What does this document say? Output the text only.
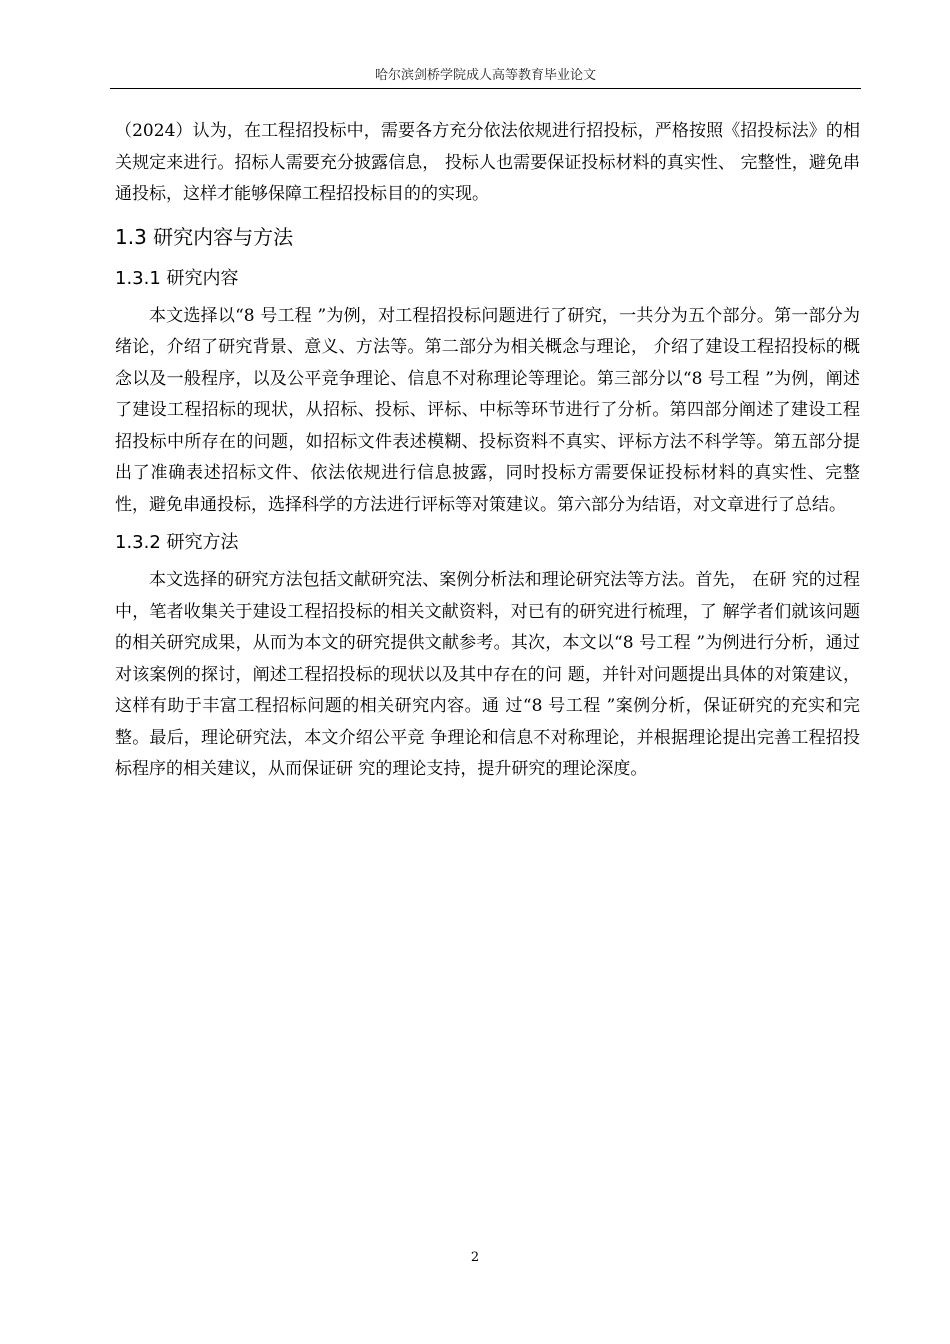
哈尔滨剑桥学院成人高等教育毕业论文

（2024）认为，在工程招投标中，需要各方充分依法依规进行招投标，严格按照《招投标法》的相关规定来进行。招标人需要充分披露信息， 投标人也需要保证投标材料的真实性、 完整性，避免串通投标，这样才能够保障工程招投标目的的实现。

1.3 研究内容与方法
1.3.1 研究内容

本文选择以“8 号工程 ”为例，对工程招投标问题进行了研究，一共分为五个部分。第一部分为绪论，介绍了研究背景、意义、方法等。第二部分为相关概念与理论， 介绍了建设工程招投标的概念以及一般程序，以及公平竞争理论、信息不对称理论等理论。第三部分以“8 号工程 ”为例，阐述了建设工程招标的现状，从招标、投标、评标、中标等环节进行了分析。第四部分阐述了建设工程招投标中所存在的问题，如招标文件表述模糊、投标资料不真实、评标方法不科学等。第五部分提出了准确表述招标文件、依法依规进行信息披露，同时投标方需要保证投标材料的真实性、完整性，避免串通投标，选择科学的方法进行评标等对策建议。第六部分为结语，对文章进行了总结。

1.3.2 研究方法

本文选择的研究方法包括文献研究法、案例分析法和理论研究法等方法。首先， 在研 究的过程中，笔者收集关于建设工程招投标的相关文献资料，对已有的研究进行梳理，了 解学者们就该问题的相关研究成果，从而为本文的研究提供文献参考。其次，本文以“8 号工程 ”为例进行分析，通过对该案例的探讨，阐述工程招投标的现状以及其中存在的问 题，并针对问题提出具体的对策建议，这样有助于丰富工程招标问题的相关研究内容。通 过“8 号工程 ”案例分析，保证研究的充实和完整。最后，理论研究法，本文介绍公平竞 争理论和信息不对称理论，并根据理论提出完善工程招投标程序的相关建议，从而保证研 究的理论支持，提升研究的理论深度。

2
